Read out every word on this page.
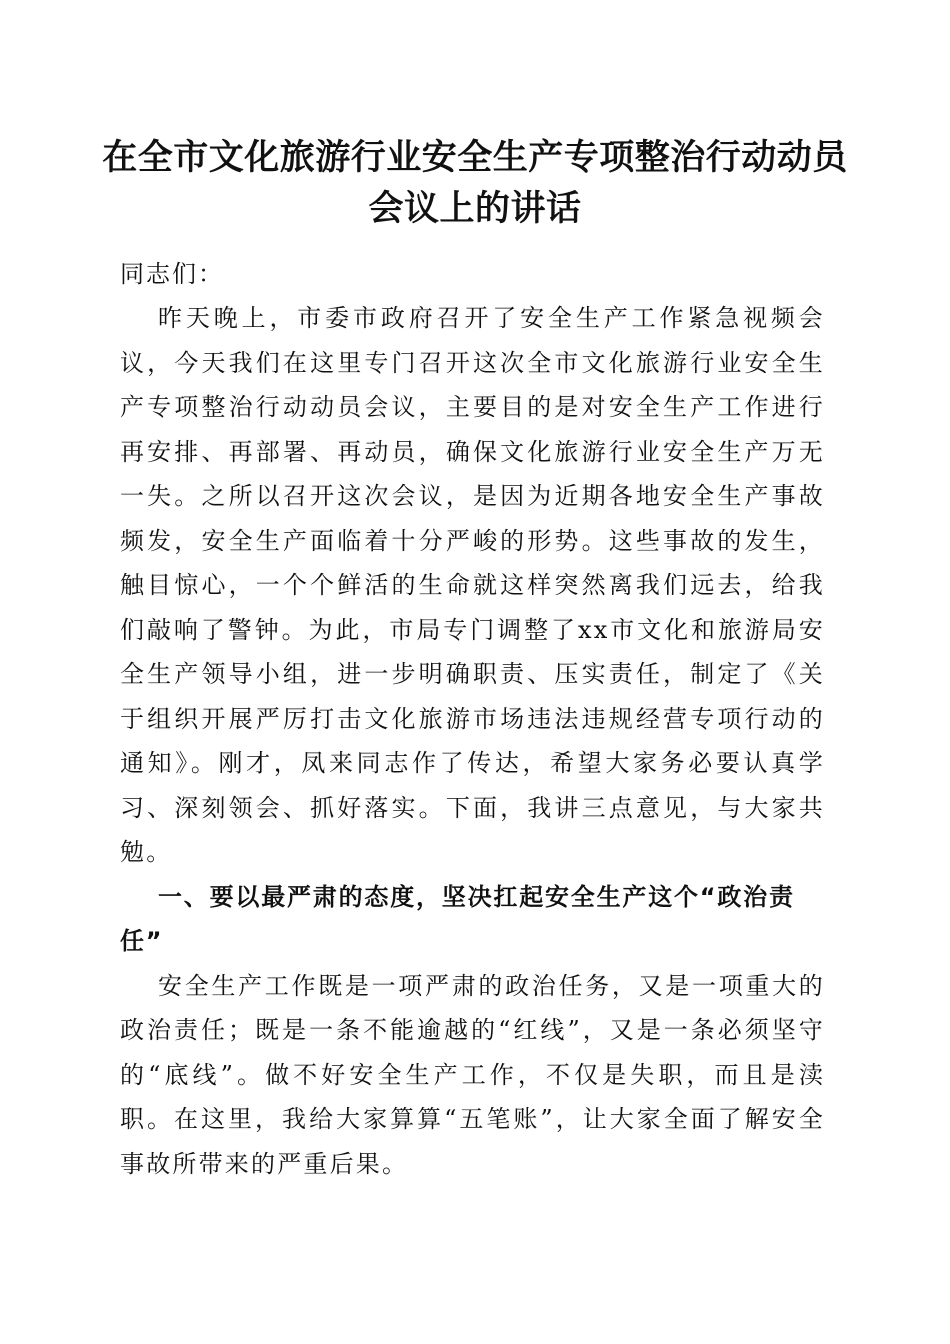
在全市文化旅游行业安全生产专项整治行动动员会议上的讲话

同志们：

昨天晚上，市委市政府召开了安全生产工作紧急视频会议，今天我们在这里专门召开这次全市文化旅游行业安全生产专项整治行动动员会议，主要目的是对安全生产工作进行再安排、再部署、再动员，确保文化旅游行业安全生产万无一失。之所以召开这次会议，是因为近期各地安全生产事故频发，安全生产面临着十分严峻的形势。这些事故的发生，触目惊心，一个个鲜活的生命就这样突然离我们远去，给我们敲响了警钟。为此，市局专门调整了xx市文化和旅游局安全生产领导小组，进一步明确职责、压实责任，制定了《关于组织开展严厉打击文化旅游市场违法违规经营专项行动的通知》。刚才，凤来同志作了传达，希望大家务必要认真学习、深刻领会、抓好落实。下面，我讲三点意见，与大家共勉。

一、要以最严肃的态度，坚决扛起安全生产这个“政治责任”

安全生产工作既是一项严肃的政治任务，又是一项重大的政治责任；既是一条不能逾越的“红线”，又是一条必须坚守的“底线”。做不好安全生产工作，不仅是失职，而且是渎职。在这里，我给大家算算“五笔账”，让大家全面了解安全事故所带来的严重后果。
